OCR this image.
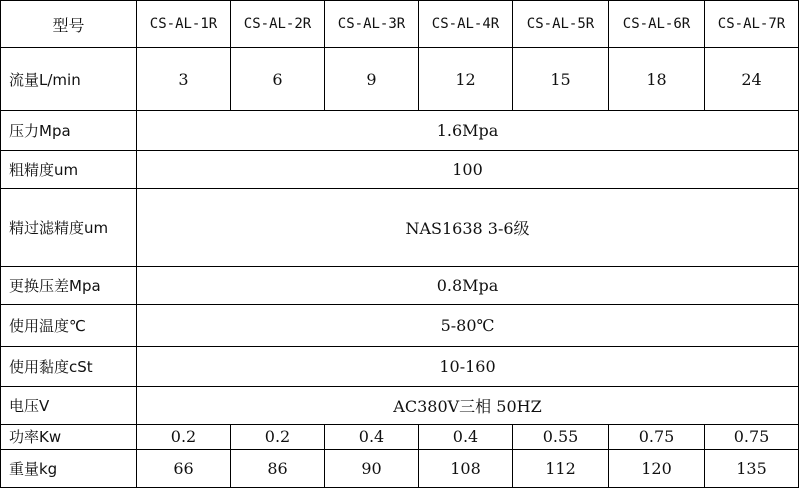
型号	CS-AL-1R	CS-AL-2R	CS-AL-3R	CS-AL-4R	CS-AL-5R	CS-AL-6R	CS-AL-7R
流量L/min	3	6	9	12	15	18	24
压力Mpa	1.6Mpa						
粗精度um	100						
精过滤精度um	NAS1638 3-6级						
更换压差Mpa	0.8Mpa						
使用温度℃	5-80℃						
使用黏度cSt	10-160						
电压V	AC380V三相 50HZ						
功率Kw	0.2	0.2	0.4	0.4	0.55	0.75	0.75
重量kg	66	86	90	108	112	120	135
